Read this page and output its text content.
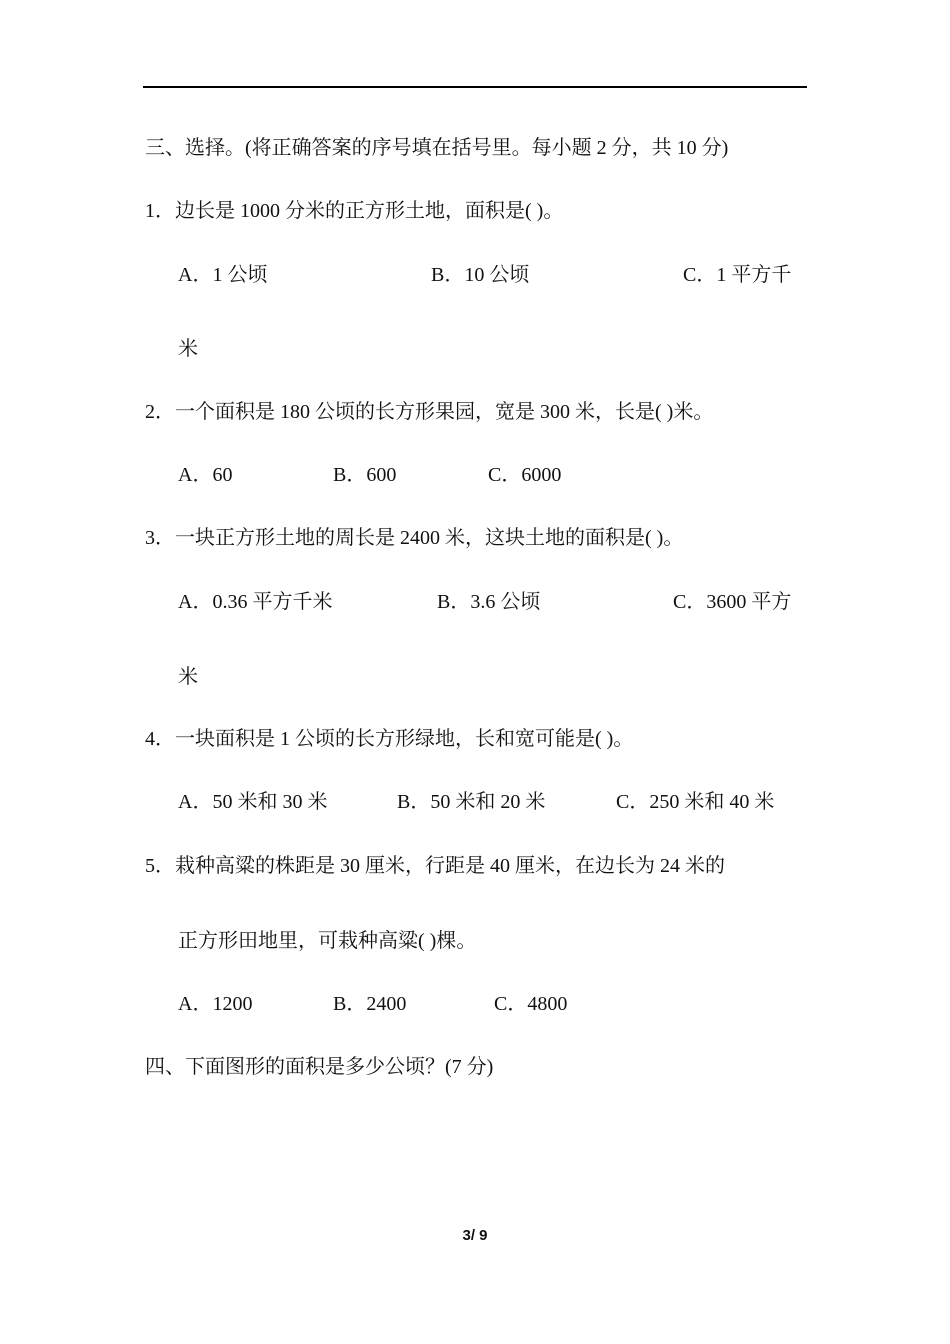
三、选择。(将正确答案的序号填在括号里。每小题 2 分，共 10 分)
1．边长是 1000 分米的正方形土地，面积是( )。
A．1 公顷	B．10 公顷	C．1 平方千
米
2．一个面积是 180 公顷的长方形果园，宽是 300 米，长是( )米。
A．60	B．600	C．6000
3．一块正方形土地的周长是 2400 米，这块土地的面积是( )。
A．0.36 平方千米	B．3.6 公顷	C．3600 平方
米
4．一块面积是 1 公顷的长方形绿地，长和宽可能是( )。
A．50 米和 30 米	B．50 米和 20 米	C．250 米和 40 米
5．栽种高粱的株距是 30 厘米，行距是 40 厘米，在边长为 24 米的
正方形田地里，可栽种高粱( )棵。
A．1200	B．2400	C．4800
四、下面图形的面积是多少公顷？(7 分)
3/ 9
